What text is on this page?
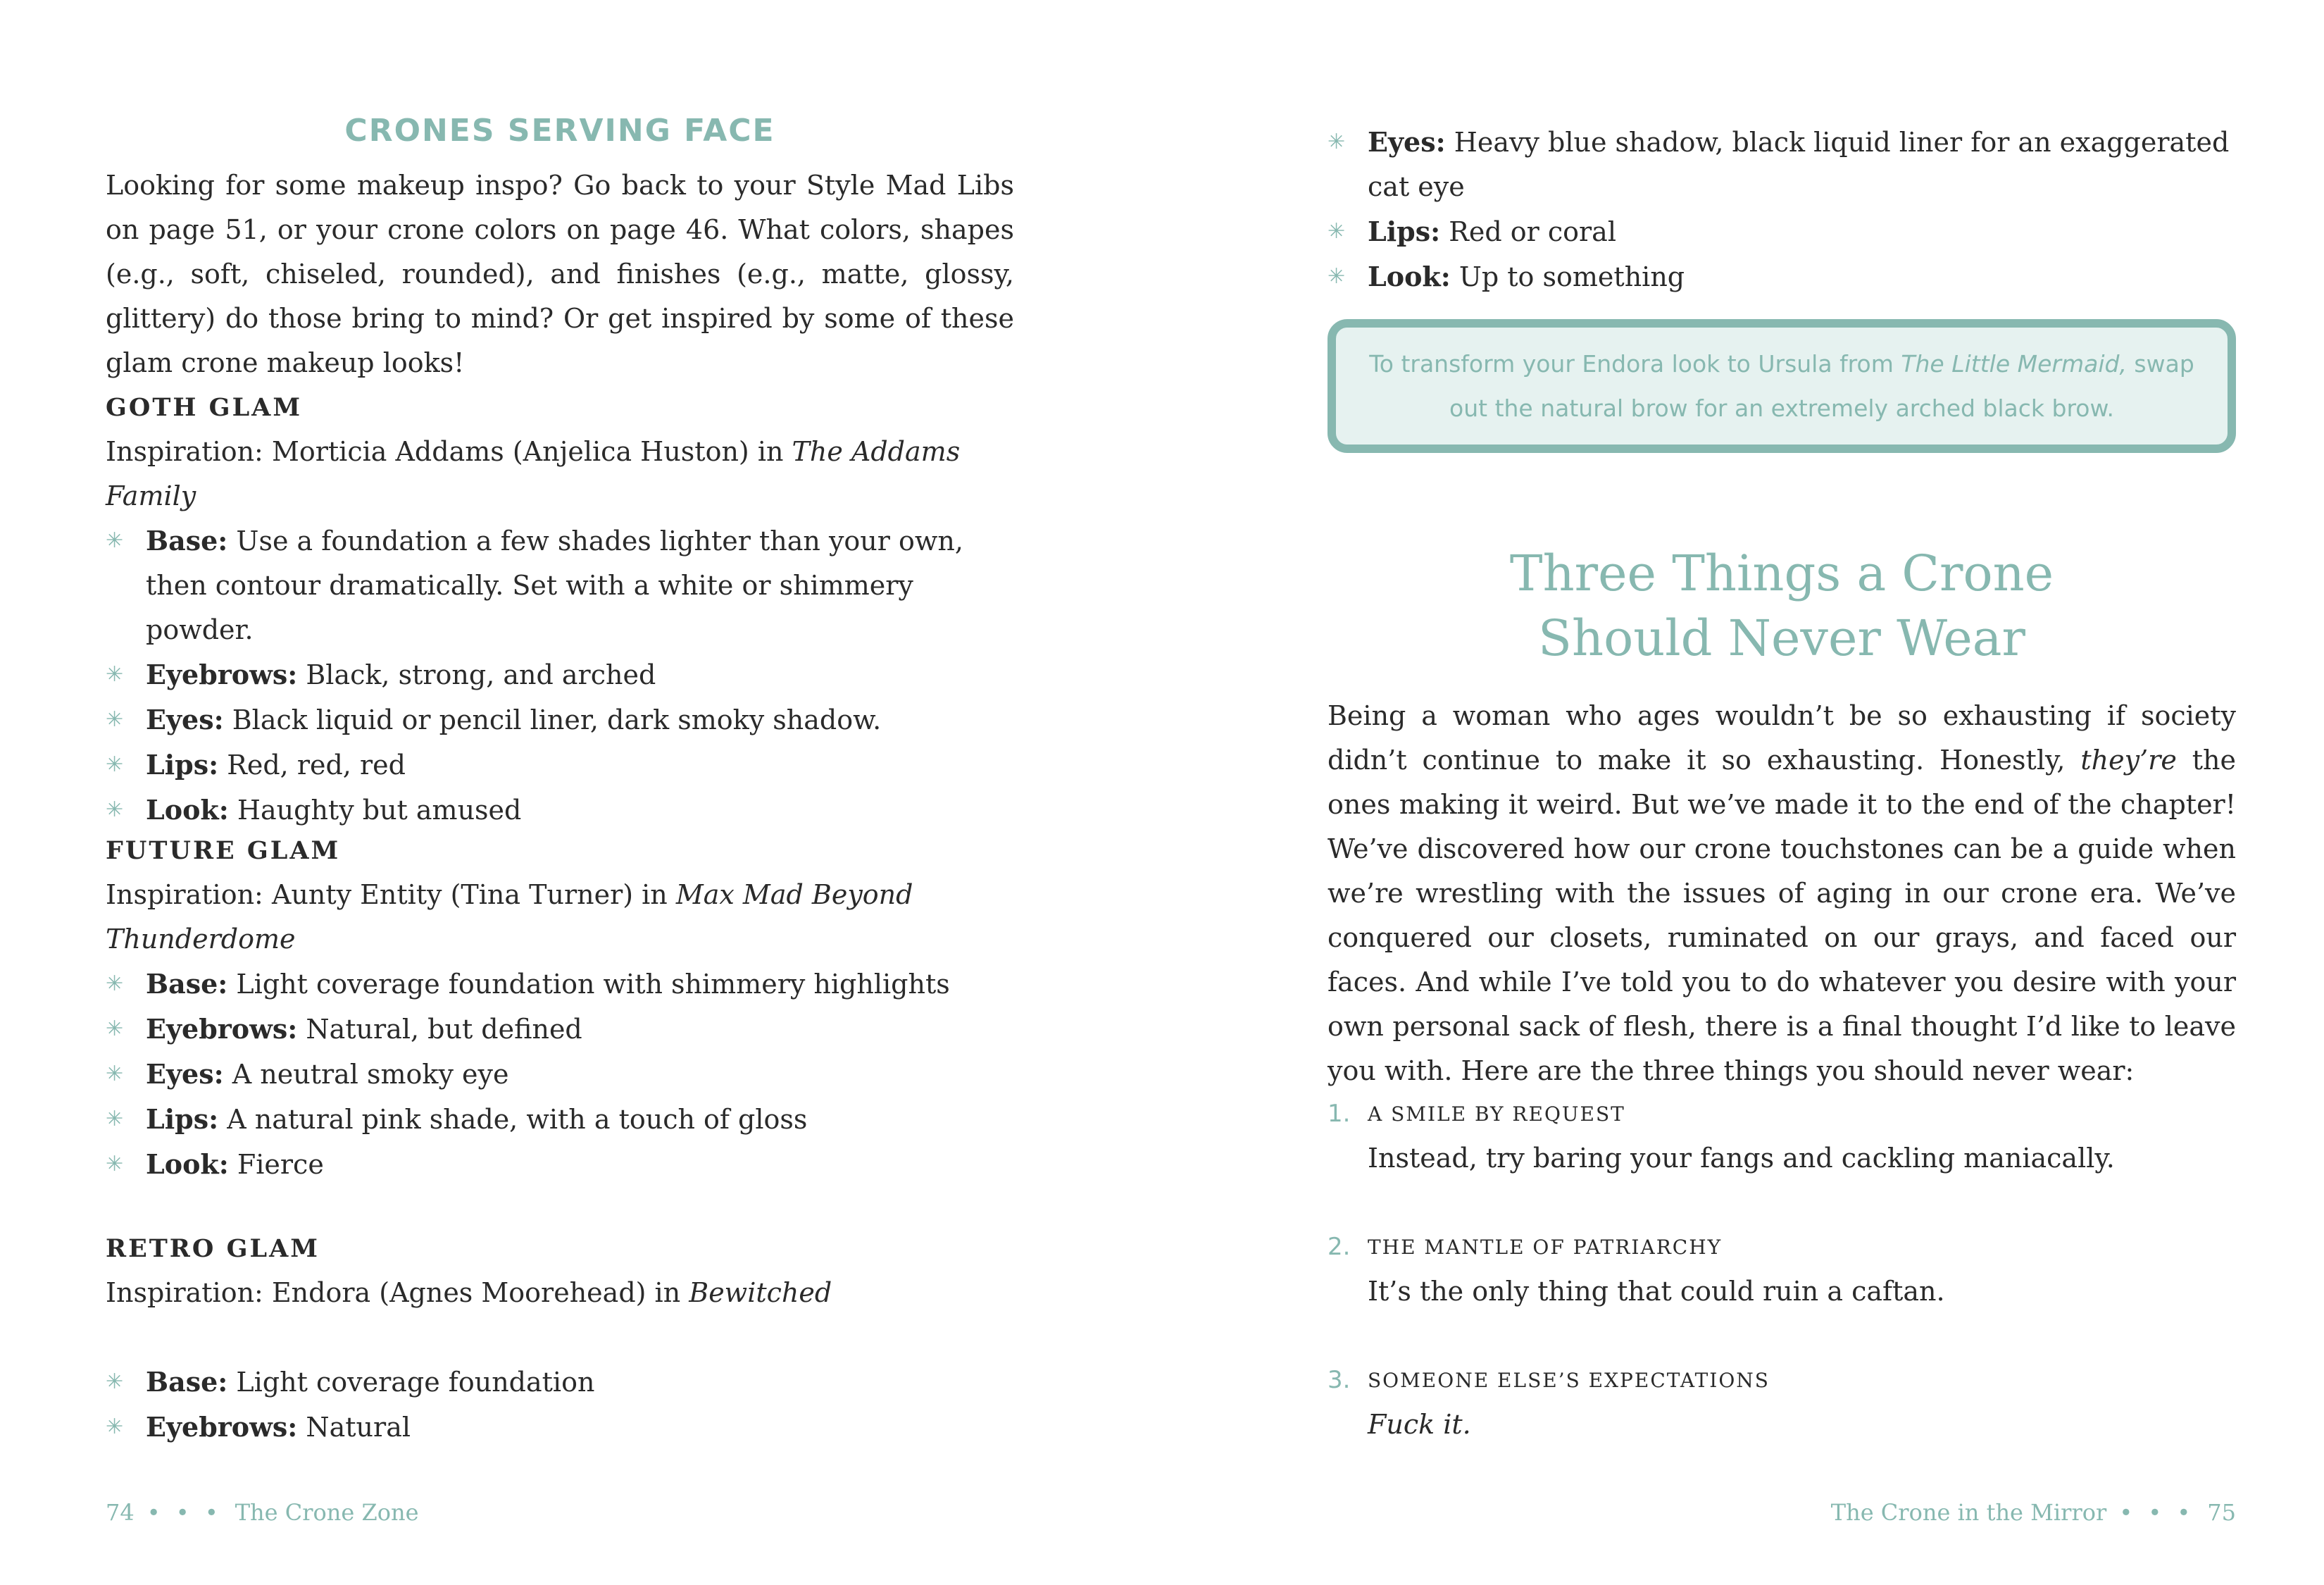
CRONES SERVING FACE

Looking for some makeup inspo? Go back to your Style Mad Libs on page 51, or your crone colors on page 46. What colors, shapes (e.g., soft, chiseled, rounded), and finishes (e.g., matte, glossy, glittery) do those bring to mind? Or get inspired by some of these glam crone makeup looks!

GOTH GLAM

Inspiration: Morticia Addams (Anjelica Huston) in The Addams Family

✳ Base: Use a foundation a few shades lighter than your own, then contour dramatically. Set with a white or shimmery powder.
✳ Eyebrows: Black, strong, and arched
✳ Eyes: Black liquid or pencil liner, dark smoky shadow.
✳ Lips: Red, red, red
✳ Look: Haughty but amused
FUTURE GLAM

Inspiration: Aunty Entity (Tina Turner) in Max Mad Beyond Thunderdome

✳ Base: Light coverage foundation with shimmery highlights
✳ Eyebrows: Natural, but defined
✳ Eyes: A neutral smoky eye
✳ Lips: A natural pink shade, with a touch of gloss
✳ Look: Fierce
RETRO GLAM

Inspiration: Endora (Agnes Moorehead) in Bewitched

✳ Base: Light coverage foundation
✳ Eyebrows: Natural
✳ Eyes: Heavy blue shadow, black liquid liner for an exaggerated cat eye
✳ Lips: Red or coral
✳ Look: Up to something

To transform your Endora look to Ursula from The Little Mermaid, swap out the natural brow for an extremely arched black brow.

Three Things a Crone
Should Never Wear

Being a woman who ages wouldn’t be so exhausting if society didn’t continue to make it so exhausting. Honestly, they’re the ones making it weird. But we’ve made it to the end of the chapter! We’ve discovered how our crone touchstones can be a guide when we’re wrestling with the issues of aging in our crone era. We’ve conquered our closets, ruminated on our grays, and faced our faces. And while I’ve told you to do whatever you desire with your own personal sack of flesh, there is a final thought I’d like to leave you with. Here are the three things you should never wear:

1. A SMILE BY REQUEST
Instead, try baring your fangs and cackling maniacally.
2. THE MANTLE OF PATRIARCHY
It’s the only thing that could ruin a caftan.
3. SOMEONE ELSE’S EXPECTATIONS
Fuck it.

74 • • • The Crone Zone	The Crone in the Mirror • • • 75
